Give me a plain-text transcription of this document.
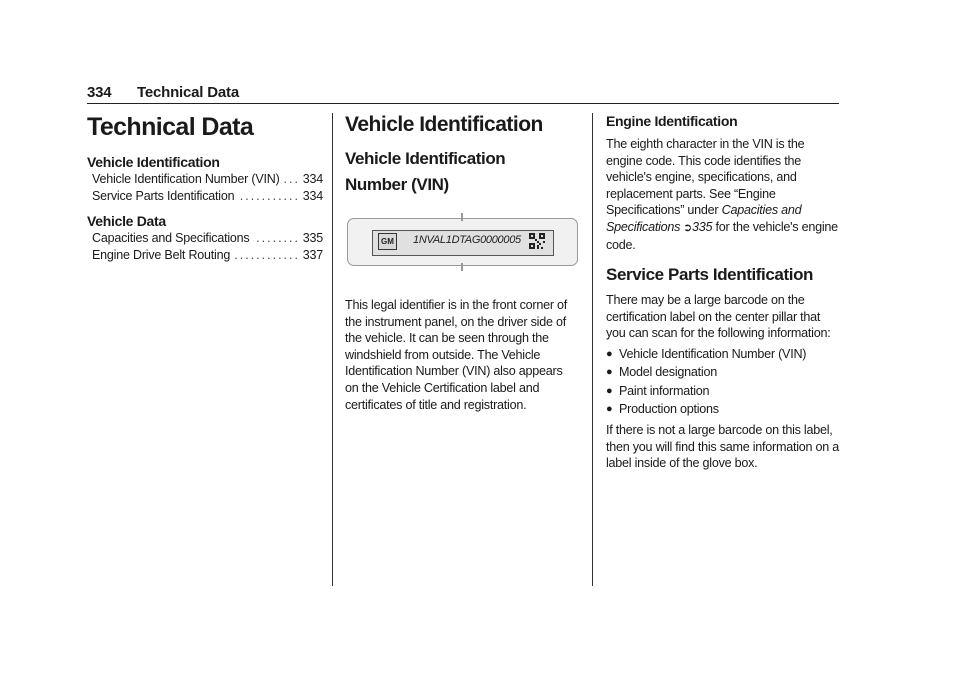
334 Technical Data
Technical Data
Vehicle Identification
Vehicle Identification Number (VIN)	334
Service Parts Identification	334
Vehicle Data
Capacities and Specifications	335
Engine Drive Belt Routing	337
Vehicle Identification
Vehicle Identification
Number (VIN)
GM 1NVAL1DTAG0000005

This legal identifier is in the front corner of the instrument panel, on the driver side of the vehicle. It can be seen through the windshield from outside. The Vehicle Identification Number (VIN) also appears on the Vehicle Certification label and certificates of title and registration.

Engine Identification

The eighth character in the VIN is the engine code. This code identifies the vehicle's engine, specifications, and replacement parts. See “Engine Specifications” under Capacities and Specifications ➲335 for the vehicle's engine code.

Service Parts Identification

There may be a large barcode on the certification label on the center pillar that you can scan for the following information:

● Vehicle Identification Number (VIN)
● Model designation
● Paint information
● Production options

If there is not a large barcode on this label, then you will find this same information on a label inside of the glove box.
